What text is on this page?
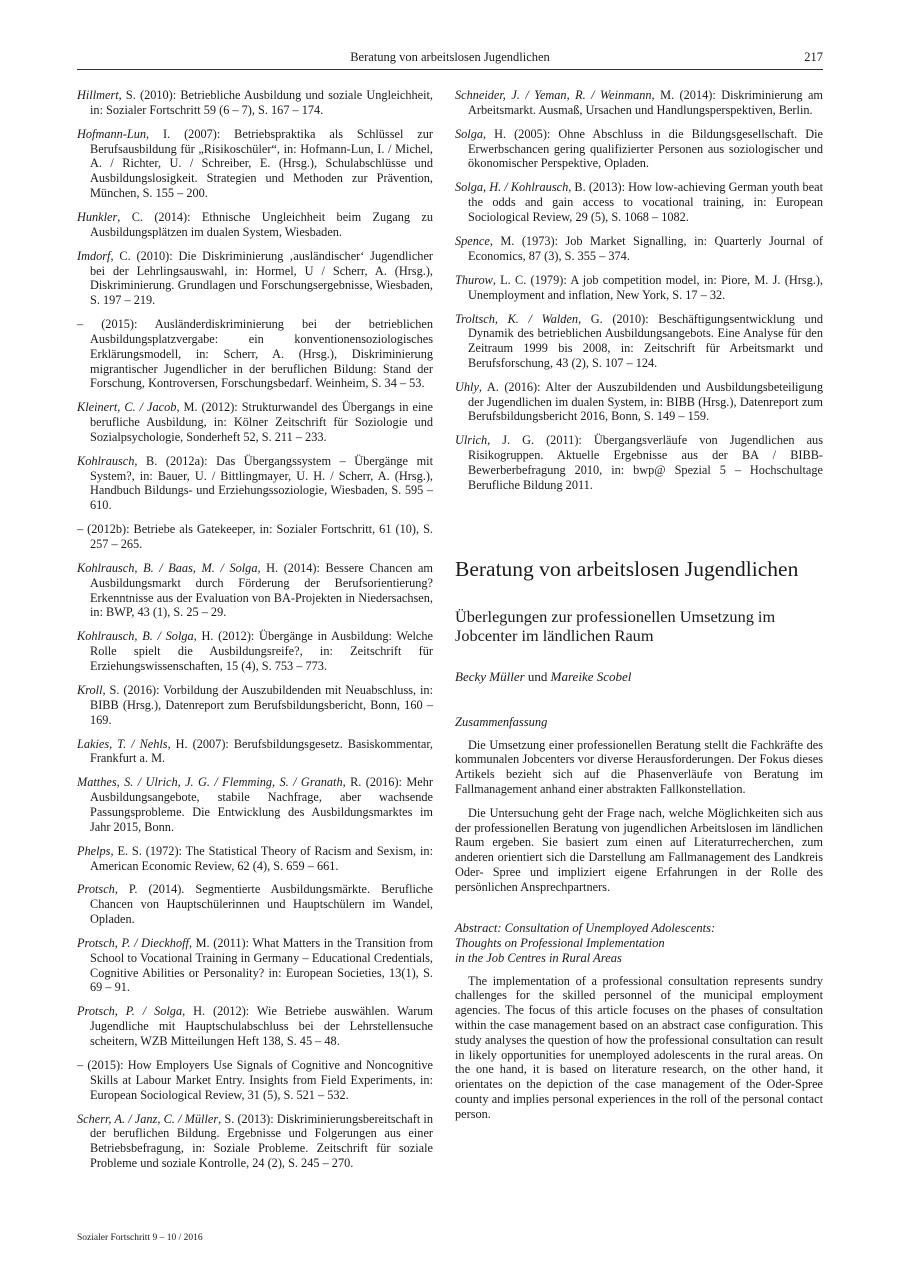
Beratung von arbeitslosen Jugendlichen	217

Hillmert, S. (2010): Betriebliche Ausbildung und soziale Ungleichheit, in: Sozialer Fortschritt 59 (6 – 7), S. 167 – 174.

Hofmann-Lun, I. (2007): Betriebspraktika als Schlüssel zur Berufsausbildung für „Risikoschüler“, in: Hofmann-Lun, I. / Michel, A. / Richter, U. / Schreiber, E. (Hrsg.), Schulabschlüsse und Ausbildungslosigkeit. Strategien und Methoden zur Prävention, München, S. 155 – 200.

Hunkler, C. (2014): Ethnische Ungleichheit beim Zugang zu Ausbildungsplätzen im dualen System, Wiesbaden.

Imdorf, C. (2010): Die Diskriminierung ‚ausländischer‘ Jugendlicher bei der Lehrlingsauswahl, in: Hormel, U / Scherr, A. (Hrsg.), Diskriminierung. Grundlagen und Forschungsergebnisse, Wiesbaden, S. 197 – 219.

– (2015): Ausländerdiskriminierung bei der betrieblichen Ausbildungsplatzvergabe: ein konventionensoziologisches Erklärungsmodell, in: Scherr, A. (Hrsg.), Diskriminierung migrantischer Jugendlicher in der beruflichen Bildung: Stand der Forschung, Kontroversen, Forschungsbedarf. Weinheim, S. 34 – 53.

Kleinert, C. / Jacob, M. (2012): Strukturwandel des Übergangs in eine berufliche Ausbildung, in: Kölner Zeitschrift für Soziologie und Sozialpsychologie, Sonderheft 52, S. 211 – 233.

Kohlrausch, B. (2012a): Das Übergangssystem – Übergänge mit System?, in: Bauer, U. / Bittlingmayer, U. H. / Scherr, A. (Hrsg.), Handbuch Bildungs- und Erziehungssoziologie, Wiesbaden, S. 595 – 610.

– (2012b): Betriebe als Gatekeeper, in: Sozialer Fortschritt, 61 (10), S. 257 – 265.

Kohlrausch, B. / Baas, M. / Solga, H. (2014): Bessere Chancen am Ausbildungsmarkt durch Förderung der Berufsorientierung? Erkenntnisse aus der Evaluation von BA-Projekten in Niedersachsen, in: BWP, 43 (1), S. 25 – 29.

Kohlrausch, B. / Solga, H. (2012): Übergänge in Ausbildung: Welche Rolle spielt die Ausbildungsreife?, in: Zeitschrift für Erziehungswissenschaften, 15 (4), S. 753 – 773.

Kroll, S. (2016): Vorbildung der Auszubildenden mit Neuabschluss, in: BIBB (Hrsg.), Datenreport zum Berufsbildungsbericht, Bonn, 160 – 169.

Lakies, T. / Nehls, H. (2007): Berufsbildungsgesetz. Basiskommentar, Frankfurt a. M.

Matthes, S. / Ulrich, J. G. / Flemming, S. / Granath, R. (2016): Mehr Ausbildungsangebote, stabile Nachfrage, aber wachsende Passungsprobleme. Die Entwicklung des Ausbildungsmarktes im Jahr 2015, Bonn.

Phelps, E. S. (1972): The Statistical Theory of Racism and Sexism, in: American Economic Review, 62 (4), S. 659 – 661.

Protsch, P. (2014). Segmentierte Ausbildungsmärkte. Berufliche Chancen von Hauptschülerinnen und Hauptschülern im Wandel, Opladen.

Protsch, P. / Dieckhoff, M. (2011): What Matters in the Transition from School to Vocational Training in Germany – Educational Credentials, Cognitive Abilities or Personality? in: European Societies, 13(1), S. 69 – 91.

Protsch, P. / Solga, H. (2012): Wie Betriebe auswählen. Warum Jugendliche mit Hauptschulabschluss bei der Lehrstellensuche scheitern, WZB Mitteilungen Heft 138, S. 45 – 48.

– (2015): How Employers Use Signals of Cognitive and Noncognitive Skills at Labour Market Entry. Insights from Field Experiments, in: European Sociological Review, 31 (5), S. 521 – 532.

Scherr, A. / Janz, C. / Müller, S. (2013): Diskriminierungsbereitschaft in der beruflichen Bildung. Ergebnisse und Folgerungen aus einer Betriebsbefragung, in: Soziale Probleme. Zeitschrift für soziale Probleme und soziale Kontrolle, 24 (2), S. 245 – 270.

Schneider, J. / Yeman, R. / Weinmann, M. (2014): Diskriminierung am Arbeitsmarkt. Ausmaß, Ursachen und Handlungsperspektiven, Berlin.

Solga, H. (2005): Ohne Abschluss in die Bildungsgesellschaft. Die Erwerbschancen gering qualifizierter Personen aus soziologischer und ökonomischer Perspektive, Opladen.

Solga, H. / Kohlrausch, B. (2013): How low-achieving German youth beat the odds and gain access to vocational training, in: European Sociological Review, 29 (5), S. 1068 – 1082.

Spence, M. (1973): Job Market Signalling, in: Quarterly Journal of Economics, 87 (3), S. 355 – 374.

Thurow, L. C. (1979): A job competition model, in: Piore, M. J. (Hrsg.), Unemployment and inflation, New York, S. 17 – 32.

Troltsch, K. / Walden, G. (2010): Beschäftigungsentwicklung und Dynamik des betrieblichen Ausbildungsangebots. Eine Analyse für den Zeitraum 1999 bis 2008, in: Zeitschrift für Arbeitsmarkt und Berufsforschung, 43 (2), S. 107 – 124.

Uhly, A. (2016): Alter der Auszubildenden und Ausbildungsbeteiligung der Jugendlichen im dualen System, in: BIBB (Hrsg.), Datenreport zum Berufsbildungsbericht 2016, Bonn, S. 149 – 159.

Ulrich, J. G. (2011): Übergangsverläufe von Jugendlichen aus Risikogruppen. Aktuelle Ergebnisse aus der BA / BIBB-Bewerberbefragung 2010, in: bwp@ Spezial 5 – Hochschultage Berufliche Bildung 2011.

Beratung von arbeitslosen Jugendlichen
Überlegungen zur professionellen Umsetzung im Jobcenter im ländlichen Raum
Becky Müller und Mareike Scobel
Zusammenfassung

Die Umsetzung einer professionellen Beratung stellt die Fachkräfte des kommunalen Jobcenters vor diverse Herausforderungen. Der Fokus dieses Artikels bezieht sich auf die Phasenverläufe von Beratung im Fallmanagement anhand einer abstrakten Fallkonstellation.

Die Untersuchung geht der Frage nach, welche Möglichkeiten sich aus der professionellen Beratung von jugendlichen Arbeitslosen im ländlichen Raum ergeben. Sie basiert zum einen auf Literaturrecherchen, zum anderen orientiert sich die Darstellung am Fallmanagement des Landkreis Oder- Spree und impliziert eigene Erfahrungen in der Rolle des persönlichen Ansprechpartners.

Abstract: Consultation of Unemployed Adolescents:
Thoughts on Professional Implementation
in the Job Centres in Rural Areas

The implementation of a professional consultation represents sundry challenges for the skilled personnel of the municipal employment agencies. The focus of this article focuses on the phases of consultation within the case management based on an abstract case configuration. This study analyses the question of how the professional consultation can result in likely opportunities for unemployed adolescents in the rural areas. On the one hand, it is based on literature research, on the other hand, it orientates on the depiction of the case management of the Oder-Spree county and implies personal experiences in the roll of the personal contact person.

Sozialer Fortschritt 9 – 10 / 2016
